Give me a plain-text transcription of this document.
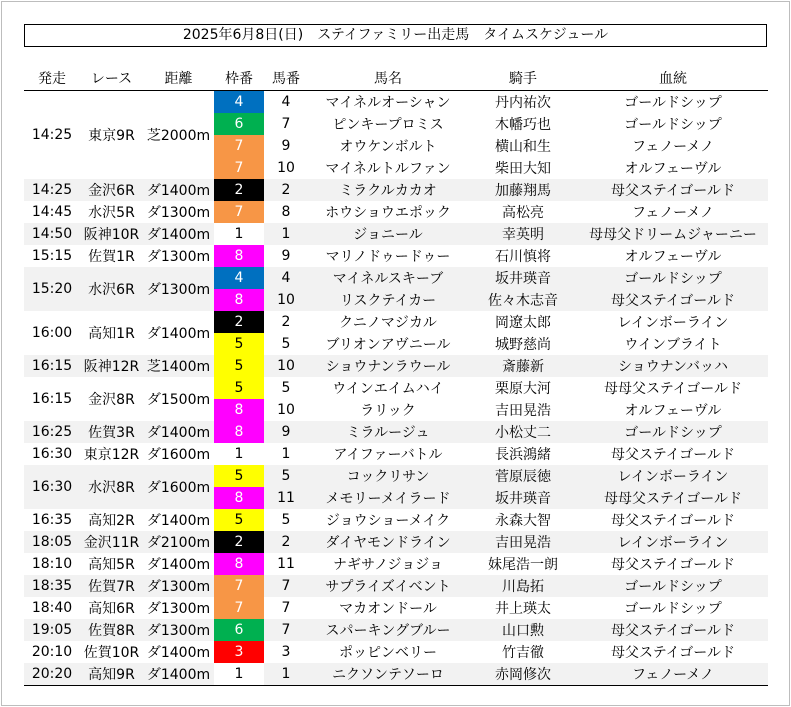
2025年6月8日(日)　ステイファミリー出走馬　タイムスケジュール
発走	レース	距離	枠番	馬番	馬名	騎手	血統
14:25	東京9R	芝2000m	4	4	マイネルオーシャン	丹内祐次	ゴールドシップ
			6	7	ピンキープロミス	木幡巧也	ゴールドシップ
			7	9	オウケンボルト	横山和生	フェノーメノ
			7	10	マイネルトルファン	柴田大知	オルフェーヴル
14:25	金沢6R	ダ1400m	2	2	ミラクルカカオ	加藤翔馬	母父ステイゴールド
14:45	水沢5R	ダ1300m	7	8	ホウショウエポック	高松亮	フェノーメノ
14:50	阪神10R	ダ1400m	1	1	ジョニール	幸英明	母母父ドリームジャーニー
15:15	佐賀1R	ダ1300m	8	9	マリノドゥードゥー	石川慎将	オルフェーヴル
15:20	水沢6R	ダ1300m	4	4	マイネルスキーブ	坂井瑛音	ゴールドシップ
			8	10	リスクテイカー	佐々木志音	母父ステイゴールド
16:00	高知1R	ダ1400m	2	2	クニノマジカル	岡遼太郎	レインボーライン
			5	5	ブリオンアヴニール	城野慈尚	ウインブライト
16:15	阪神12R	芝1400m	5	10	ショウナンラウール	斎藤新	ショウナンバッハ
16:15	金沢8R	ダ1500m	5	5	ウインエイムハイ	栗原大河	母母父ステイゴールド
			8	10	ラリック	吉田晃浩	オルフェーヴル
16:25	佐賀3R	ダ1400m	8	9	ミラルージュ	小松丈二	ゴールドシップ
16:30	東京12R	ダ1600m	1	1	アイファーバトル	長浜鴻緒	母父ステイゴールド
16:30	水沢8R	ダ1600m	5	5	コックリサン	菅原辰徳	レインボーライン
			8	11	メモリーメイラード	坂井瑛音	母母父ステイゴールド
16:35	高知2R	ダ1400m	5	5	ジョウショーメイク	永森大智	母父ステイゴールド
18:05	金沢11R	ダ2100m	2	2	ダイヤモンドライン	吉田晃浩	レインボーライン
18:10	高知5R	ダ1400m	8	11	ナギサノジョジョ	妹尾浩一朗	母父ステイゴールド
18:35	佐賀7R	ダ1300m	7	7	サプライズイベント	川島拓	ゴールドシップ
18:40	高知6R	ダ1300m	7	7	マカオンドール	井上瑛太	ゴールドシップ
19:05	佐賀8R	ダ1300m	6	7	スパーキングブルー	山口勲	母父ステイゴールド
20:10	佐賀10R	ダ1400m	3	3	ポッピンベリー	竹吉徹	母父ステイゴールド
20:20	高知9R	ダ1400m	1	1	ニクソンテソーロ	赤岡修次	フェノーメノ
